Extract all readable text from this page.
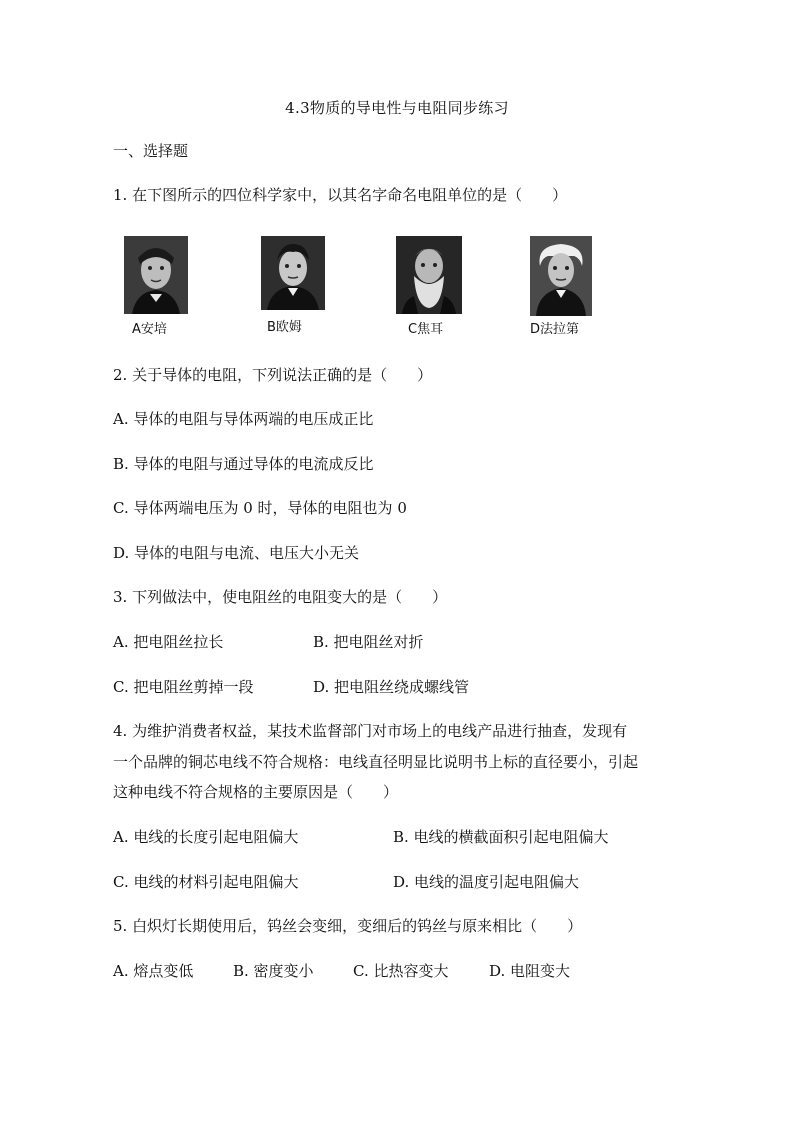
4.3物质的导电性与电阻同步练习
一、选择题
1. 在下图所示的四位科学家中，以其名字命名电阻单位的是（　　）
A安培	B欧姆	C焦耳	D法拉第
2. 关于导体的电阻，下列说法正确的是（　　）
A. 导体的电阻与导体两端的电压成正比
B. 导体的电阻与通过导体的电流成反比
C. 导体两端电压为 0 时，导体的电阻也为 0
D. 导体的电阻与电流、电压大小无关
3. 下列做法中，使电阻丝的电阻变大的是（　　）
A. 把电阻丝拉长	B. 把电阻丝对折
C. 把电阻丝剪掉一段	D. 把电阻丝绕成螺线管
4. 为维护消费者权益，某技术监督部门对市场上的电线产品进行抽查，发现有
一个品牌的铜芯电线不符合规格：电线直径明显比说明书上标的直径要小，引起
这种电线不符合规格的主要原因是（　　）
A. 电线的长度引起电阻偏大	B. 电线的横截面积引起电阻偏大
C. 电线的材料引起电阻偏大	D. 电线的温度引起电阻偏大
5. 白炽灯长期使用后，钨丝会变细，变细后的钨丝与原来相比（　　）
A. 熔点变低	B. 密度变小	C. 比热容变大	D. 电阻变大
